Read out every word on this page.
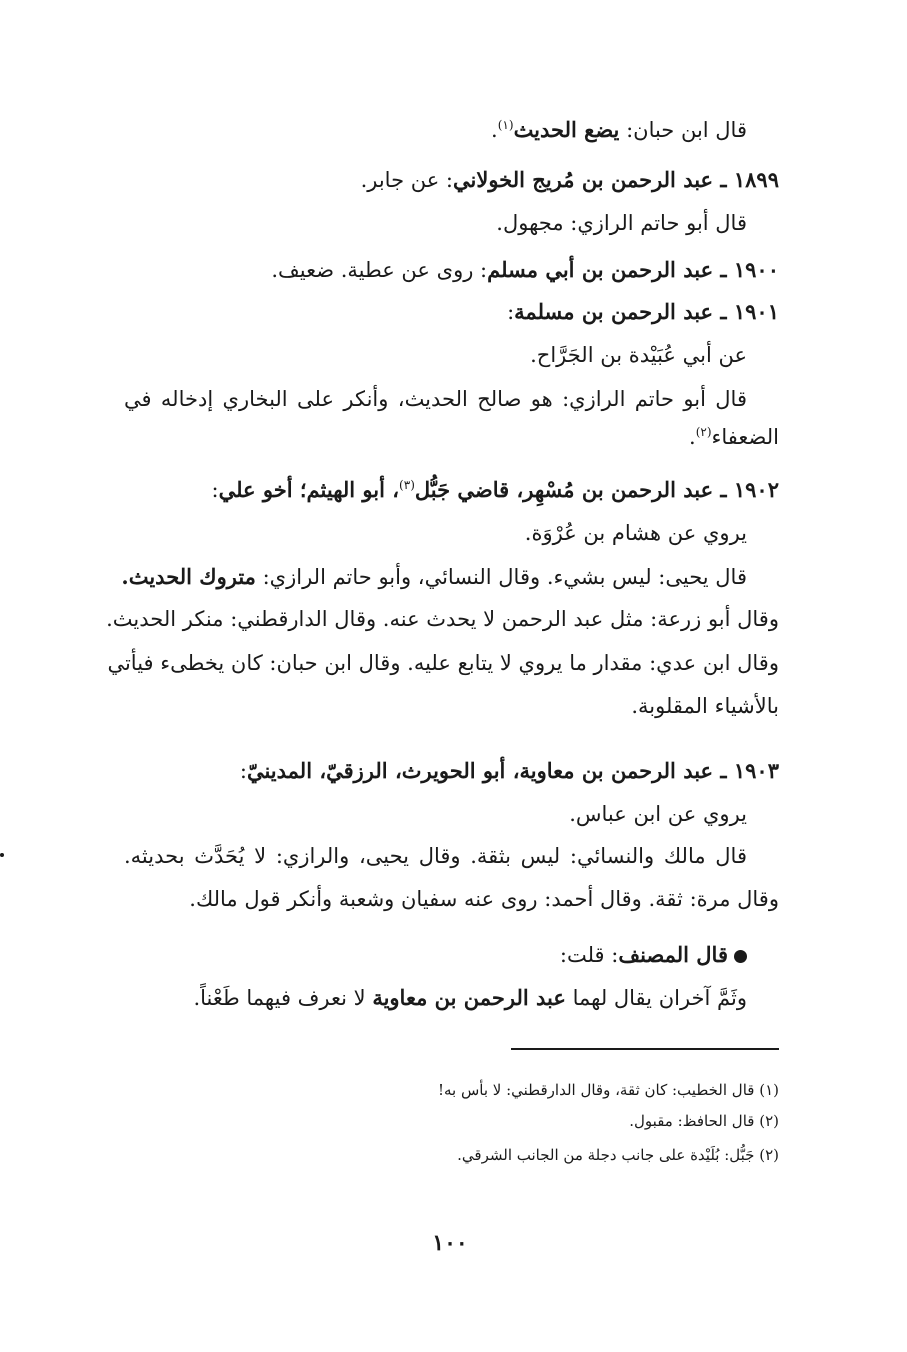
قال ابن حبان: يضع الحديث$^{(١)}$.
١٨٩٩ ـ عبد الرحمن بن مُريج الخولاني: عن جابر.
قال أبو حاتم الرازي: مجهول.
١٩٠٠ ـ عبد الرحمن بن أبي مسلم: روى عن عطية. ضعيف.
١٩٠١ ـ عبد الرحمن بن مسلمة:
عن أبي عُبَيْدة بن الجَرَّاح.
قال أبو حاتم الرازي: هو صالح الحديث، وأنكر على البخاري إدخاله في
الضعفاء$^{(٢)}$.
١٩٠٢ ـ عبد الرحمن بن مُسْهِر، قاضي جَبُّل$^{(٣)}$، أبو الهيثم؛ أخو علي:
يروي عن هشام بن عُرْوَة.
قال يحيى: ليس بشيء. وقال النسائي، وأبو حاتم الرازي: متروك الحديث.
وقال أبو زرعة: مثل عبد الرحمن لا يحدث عنه. وقال الدارقطني: منكر الحديث.
وقال ابن عدي: مقدار ما يروي لا يتابع عليه. وقال ابن حبان: كان يخطىء فيأتي
بالأشياء المقلوبة.
١٩٠٣ ـ عبد الرحمن بن معاوية، أبو الحويرث، الرزقيّ، المدينيّ:
يروي عن ابن عباس.
قال مالك والنسائي: ليس بثقة. وقال يحيى، والرازي: لا يُحَدَّث بحديثه.
وقال مرة: ثقة. وقال أحمد: روى عنه سفيان وشعبة وأنكر قول مالك.
قال المصنف: قلت:
وثَمَّ آخران يقال لهما عبد الرحمن بن معاوية لا نعرف فيهما طَعْناً.
(١) قال الخطيب: كان ثقة، وقال الدارقطني: لا بأس به!
(٢) قال الحافظ: مقبول.
(٢) جَبُّل: بُلَيْدة على جانب دجلة من الجانب الشرقي.
١٠٠
